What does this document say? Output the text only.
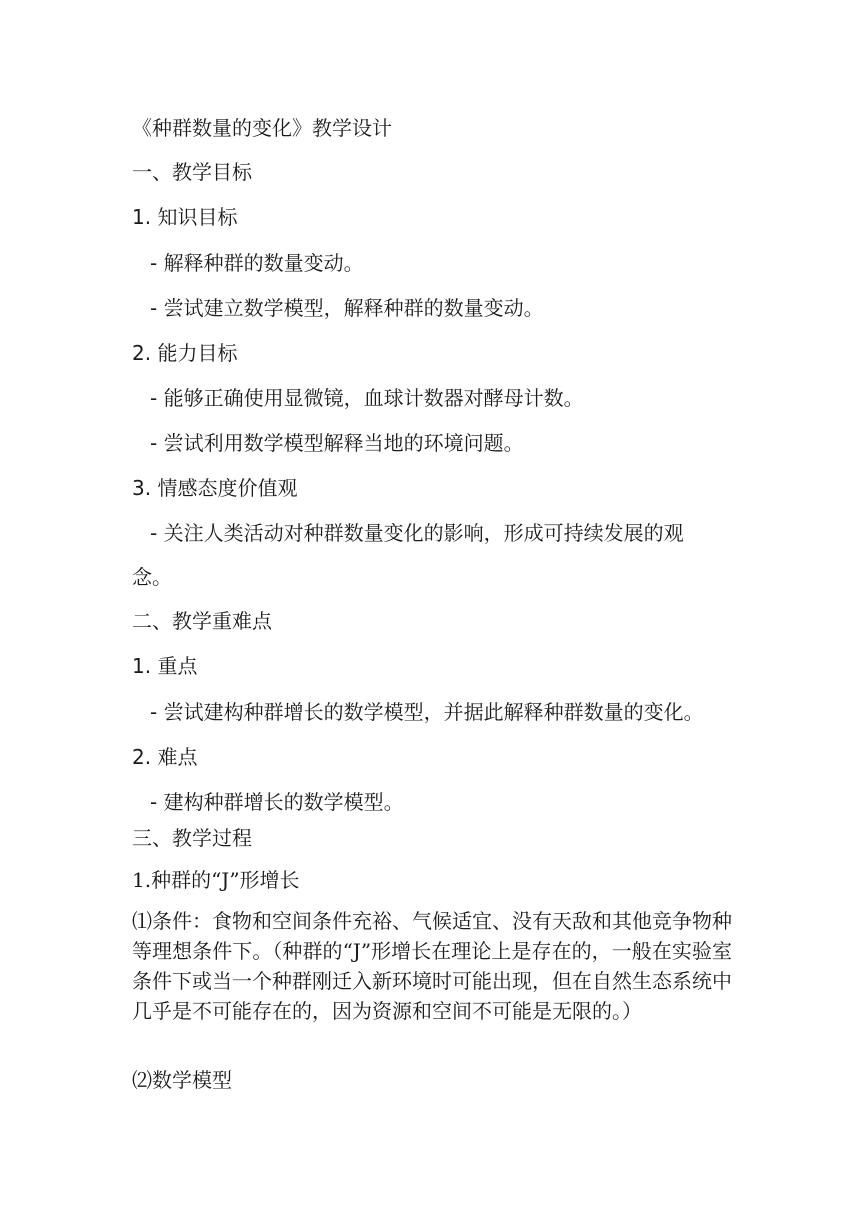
《种群数量的变化》教学设计
一、教学目标
1. 知识目标
- 解释种群的数量变动。
- 尝试建立数学模型，解释种群的数量变动。
2. 能力目标
- 能够正确使用显微镜，血球计数器对酵母计数。
- 尝试利用数学模型解释当地的环境问题。
3. 情感态度价值观
- 关注人类活动对种群数量变化的影响，形成可持续发展的观
念。
二、教学重难点
1. 重点
- 尝试建构种群增长的数学模型，并据此解释种群数量的变化。
2. 难点
- 建构种群增长的数学模型。
三、教学过程
1.种群的“J”形增长
⑴条件：食物和空间条件充裕、气候适宜、没有天敌和其他竞争物种等理想条件下。（种群的“J”形增长在理论上是存在的，一般在实验室条件下或当一个种群刚迁入新环境时可能出现，但在自然生态系统中几乎是不可能存在的，因为资源和空间不可能是无限的。）
⑵数学模型
